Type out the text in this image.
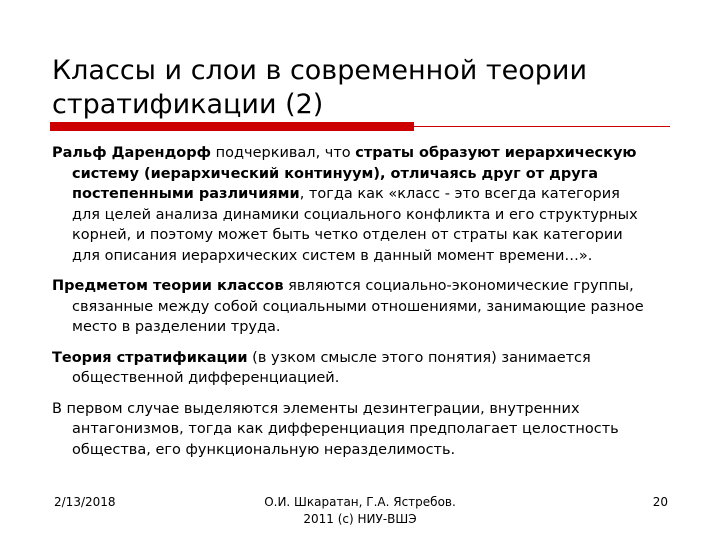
Классы и слои в современной теории
стратификации (2)

Ральф Дарендорф подчеркивал, что страты образуют иерархическую систему (иерархический континуум), отличаясь друг от друга постепенными различиями, тогда как «класс - это всегда категория для целей анализа динамики социального конфликта и его структурных корней, и поэтому может быть четко отделен от страты как категории для описания иерархических систем в данный момент времени…».

Предметом теории классов являются социально-экономические группы, связанные между собой социальными отношениями, занимающие разное место в разделении труда.

Теория стратификации (в узком смысле этого понятия) занимается общественной дифференциацией.

В первом случае выделяются элементы дезинтеграции, внутренних антагонизмов, тогда как дифференциация предполагает целостность общества, его функциональную неразделимость.

2/13/2018	О.И. Шкаратан, Г.А. Ястребов.
2011 (с) НИУ-ВШЭ
20
